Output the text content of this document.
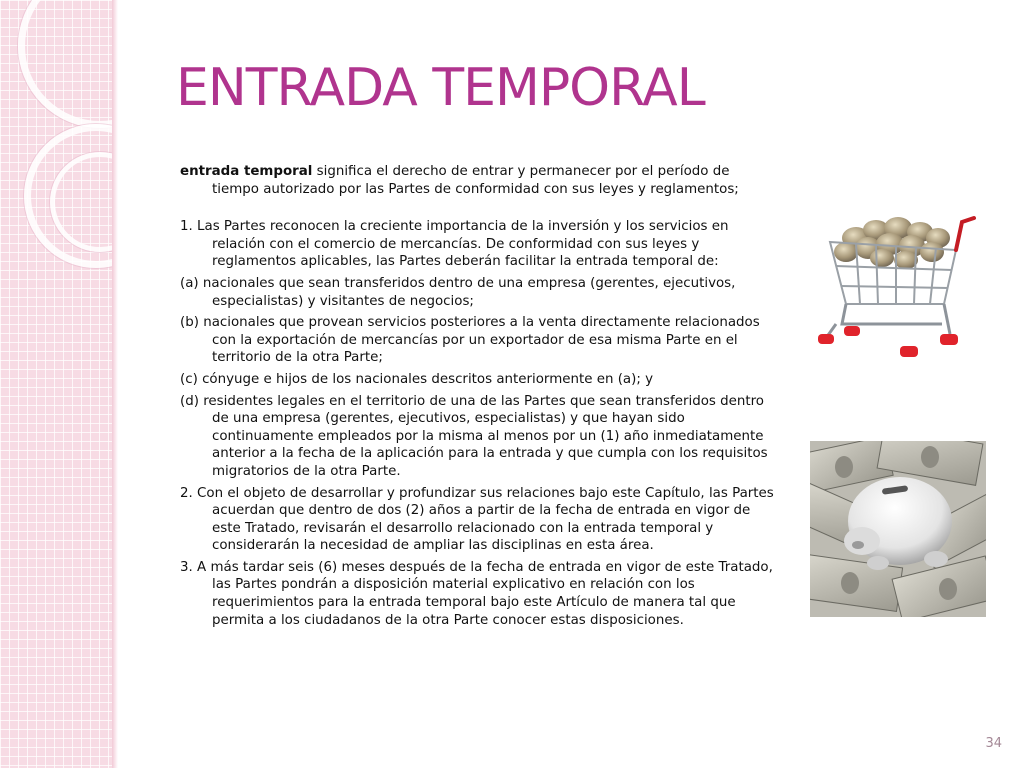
ENTRADA TEMPORAL

entrada temporal significa el derecho de entrar y permanecer por el período de tiempo autorizado por las Partes de conformidad con sus leyes y reglamentos;

1. Las Partes reconocen la creciente importancia de la inversión y los servicios en relación con el comercio de mercancías. De conformidad con sus leyes y reglamentos aplicables, las Partes deberán facilitar la entrada temporal de:

(a) nacionales que sean transferidos dentro de una empresa (gerentes, ejecutivos, especialistas) y visitantes de negocios;

(b) nacionales que provean servicios posteriores a la venta directamente relacionados con la exportación de mercancías por un exportador de esa misma Parte en el territorio de la otra Parte;

(c) cónyuge e hijos de los nacionales descritos anteriormente en (a); y

(d) residentes legales en el territorio de una de las Partes que sean transferidos dentro de una empresa (gerentes, ejecutivos, especialistas) y que hayan sido continuamente empleados por la misma al menos por un (1) año inmediatamente anterior a la fecha de la aplicación para la entrada y que cumpla con los requisitos migratorios de la otra Parte.

2. Con el objeto de desarrollar y profundizar sus relaciones bajo este Capítulo, las Partes acuerdan que dentro de dos (2) años a partir de la fecha de entrada en vigor de este Tratado, revisarán el desarrollo relacionado con la entrada temporal y considerarán la necesidad de ampliar las disciplinas en esta área.

3. A más tardar seis (6) meses después de la fecha de entrada en vigor de este Tratado, las Partes pondrán a disposición material explicativo en relación con los requerimientos para la entrada temporal bajo este Artículo de manera tal que permita a los ciudadanos de la otra Parte conocer estas disposiciones.

34
